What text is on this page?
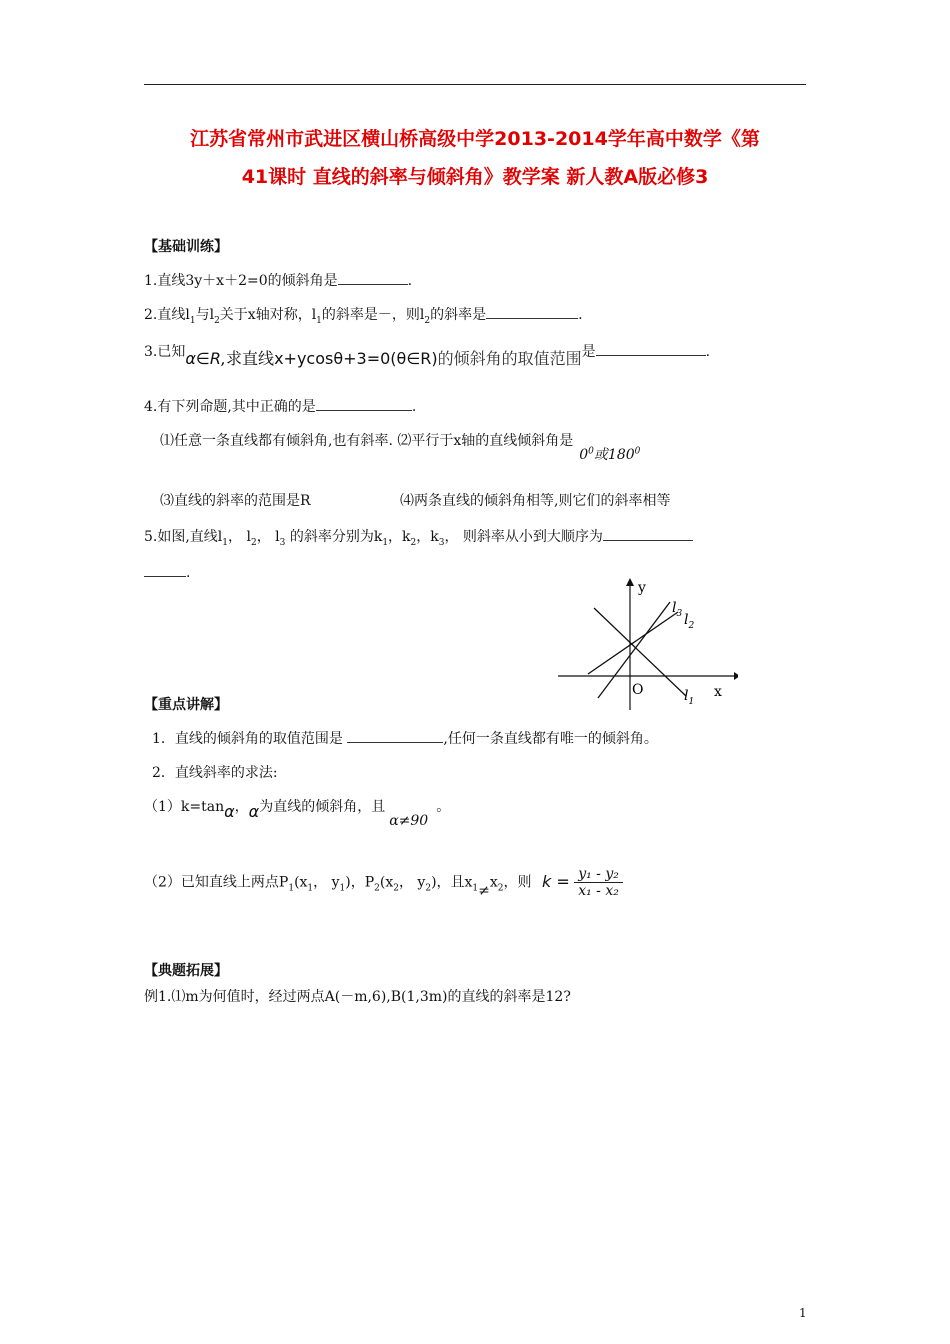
江苏省常州市武进区横山桥高级中学2013-2014学年高中数学《第
41课时 直线的斜率与倾斜角》教学案 新人教A版必修3
【基础训练】
1.直线3y＋x＋2=0的倾斜角是	.
2.直线$l_1$与$l_2$关于x轴对称，$l_1$的斜率是－，则$l_2$的斜率是	.
3.已知α∈R,求直线x+ycosθ+3=0(θ∈R)的倾斜角的取值范围是	.
4.有下列命题,其中正确的是	.
⑴任意一条直线都有倾斜角,也有斜率. ⑵平行于x轴的直线倾斜角是$0^0$或$180^0$
⑶直线的斜率的范围是R	⑷两条直线的倾斜角相等,则它们的斜率相等
5.如图,直线$l_1$， $l_2$， $l_3$ 的斜率分别为$k_1$，$k_2$，$k_3$， 则斜率从小到大顺序为
.
y
x
O
$l_3$ $l_2$
$l_1$
【重点讲解】
1．直线的倾斜角的取值范围是	,任何一条直线都有唯一的倾斜角。
2．直线斜率的求法:
（1）k=tanα，α为直线的倾斜角，且α≠90。
（2）已知直线上两点$P_1(x_1$， $y_1$)，$P_2(x_2$， $y_2$)，且$x_1\ne x_2$，则 $k = \frac{\text{y₁ - y₂}}{\text{x₁ - x₂}}$
【典题拓展】
例1.⑴m为何值时，经过两点A(－m,6),B(1,3m)的直线的斜率是12?
1
